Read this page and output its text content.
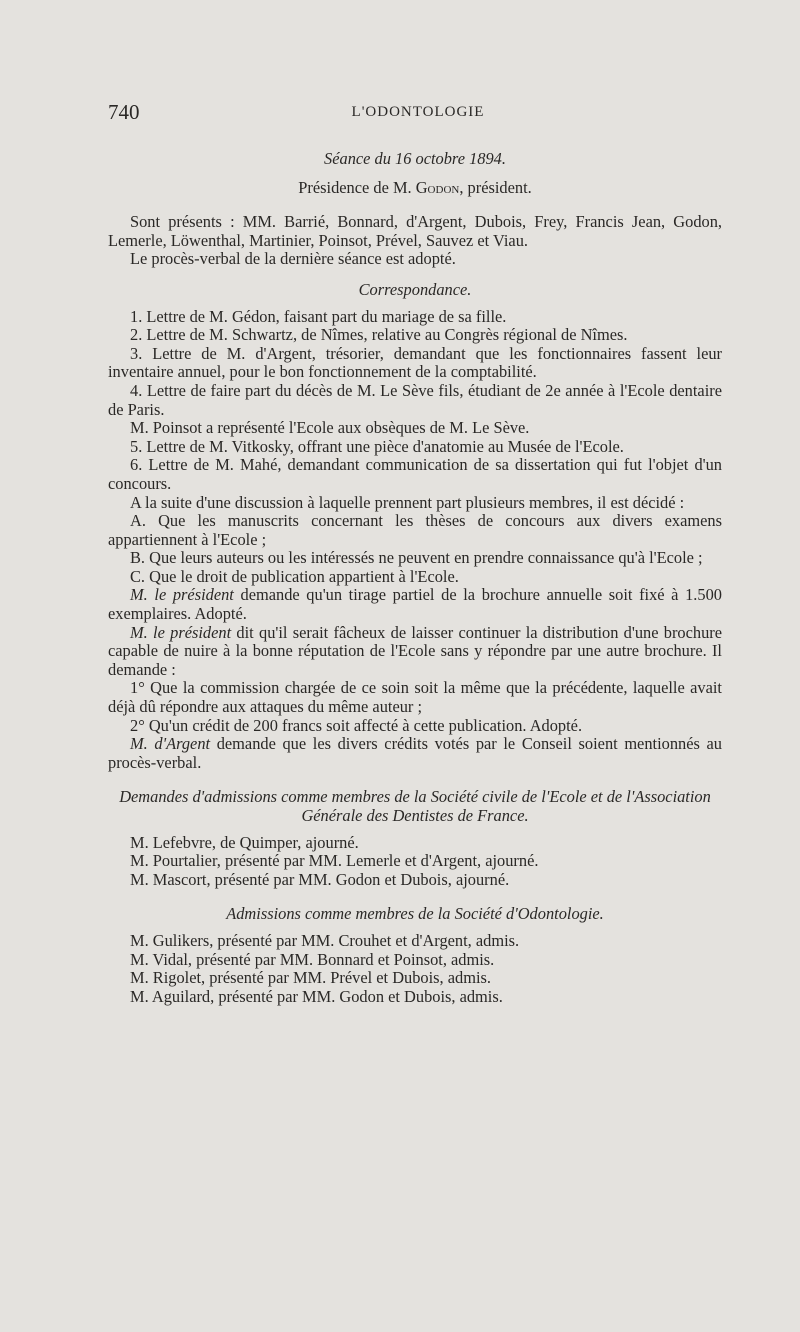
740	L'ODONTOLOGIE

Séance du 16 octobre 1894.

Présidence de M. Godon, président.

Sont présents : MM. Barrié, Bonnard, d'Argent, Dubois, Frey, Francis Jean, Godon, Lemerle, Löwenthal, Martinier, Poinsot, Prével, Sauvez et Viau.

Le procès-verbal de la dernière séance est adopté.

Correspondance.

1. Lettre de M. Gédon, faisant part du mariage de sa fille.

2. Lettre de M. Schwartz, de Nîmes, relative au Congrès régional de Nîmes.

3. Lettre de M. d'Argent, trésorier, demandant que les fonctionnaires fassent leur inventaire annuel, pour le bon fonctionnement de la comptabilité.

4. Lettre de faire part du décès de M. Le Sève fils, étudiant de 2e année à l'Ecole dentaire de Paris.

M. Poinsot a représenté l'Ecole aux obsèques de M. Le Sève.

5. Lettre de M. Vitkosky, offrant une pièce d'anatomie au Musée de l'Ecole.

6. Lettre de M. Mahé, demandant communication de sa dissertation qui fut l'objet d'un concours.

A la suite d'une discussion à laquelle prennent part plusieurs membres, il est décidé :

A. Que les manuscrits concernant les thèses de concours aux divers examens appartiennent à l'Ecole ;

B. Que leurs auteurs ou les intéressés ne peuvent en prendre connaissance qu'à l'Ecole ;

C. Que le droit de publication appartient à l'Ecole.

M. le président demande qu'un tirage partiel de la brochure annuelle soit fixé à 1.500 exemplaires. Adopté.

M. le président dit qu'il serait fâcheux de laisser continuer la distribution d'une brochure capable de nuire à la bonne réputation de l'Ecole sans y répondre par une autre brochure. Il demande :

1° Que la commission chargée de ce soin soit la même que la précédente, laquelle avait déjà dû répondre aux attaques du même auteur ;

2° Qu'un crédit de 200 francs soit affecté à cette publication. Adopté.

M. d'Argent demande que les divers crédits votés par le Conseil soient mentionnés au procès-verbal.

Demandes d'admissions comme membres de la Société civile de l'Ecole et de l'Association Générale des Dentistes de France.

M. Lefebvre, de Quimper, ajourné.

M. Pourtalier, présenté par MM. Lemerle et d'Argent, ajourné.

M. Mascort, présenté par MM. Godon et Dubois, ajourné.

Admissions comme membres de la Société d'Odontologie.

M. Gulikers, présenté par MM. Crouhet et d'Argent, admis.

M. Vidal, présenté par MM. Bonnard et Poinsot, admis.

M. Rigolet, présenté par MM. Prével et Dubois, admis.

M. Aguilard, présenté par MM. Godon et Dubois, admis.
